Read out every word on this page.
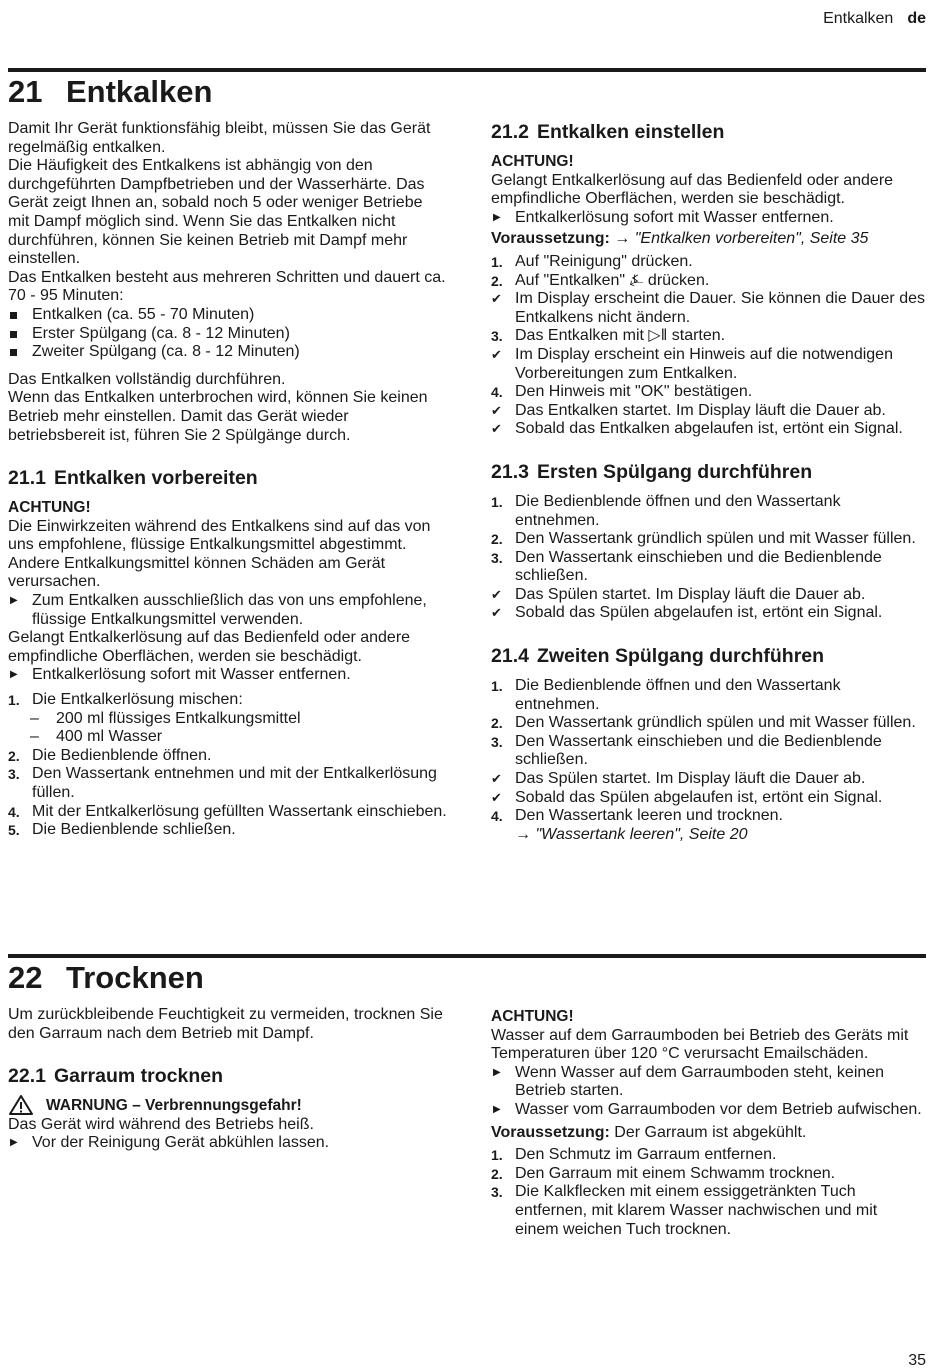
Entkalken de
21 Entkalken

Damit Ihr Gerät funktionsfähig bleibt, müssen Sie das Gerät regelmäßig entkalken.

Die Häufigkeit des Entkalkens ist abhängig von den durchgeführten Dampfbetrieben und der Wasserhärte. Das Gerät zeigt Ihnen an, sobald noch 5 oder weniger Betriebe mit Dampf möglich sind. Wenn Sie das Entkalken nicht durchführen, können Sie keinen Betrieb mit Dampf mehr einstellen.

Das Entkalken besteht aus mehreren Schritten und dauert ca. 70 - 95 Minuten:

Entkalken (ca. 55 - 70 Minuten)
Erster Spülgang (ca. 8 - 12 Minuten)
Zweiter Spülgang (ca. 8 - 12 Minuten)

Das Entkalken vollständig durchführen.

Wenn das Entkalken unterbrochen wird, können Sie keinen Betrieb mehr einstellen. Damit das Gerät wieder betriebsbereit ist, führen Sie 2 Spülgänge durch.

21.1 Entkalken vorbereiten

ACHTUNG!

Die Einwirkzeiten während des Entkalkens sind auf das von uns empfohlene, flüssige Entkalkungsmittel abgestimmt. Andere Entkalkungsmittel können Schäden am Gerät verursachen.

▶ Zum Entkalken ausschließlich das von uns empfohlene, flüssige Entkalkungsmittel verwenden.

Gelangt Entkalkerlösung auf das Bedienfeld oder andere empfindliche Oberflächen, werden sie beschädigt.

▶ Entkalkerlösung sofort mit Wasser entfernen.
1. Die Entkalkerlösung mischen:
– 200 ml flüssiges Entkalkungsmittel
– 400 ml Wasser
2. Die Bedienblende öffnen.
3. Den Wassertank entnehmen und mit der Entkalkerlösung füllen.
4. Mit der Entkalkerlösung gefüllten Wassertank einschieben.
5. Die Bedienblende schließen.
21.2 Entkalken einstellen

ACHTUNG!

Gelangt Entkalkerlösung auf das Bedienfeld oder andere empfindliche Oberflächen, werden sie beschädigt.

▶ Entkalkerlösung sofort mit Wasser entfernen.

Voraussetzung: → "Entkalken vorbereiten", Seite 35

1. Auf "Reinigung" drücken.
2. Auf "Entkalken" ⍼ drücken.
✔ Im Display erscheint die Dauer. Sie können die Dauer des Entkalkens nicht ändern.
3. Das Entkalken mit ▷‖ starten.
✔ Im Display erscheint ein Hinweis auf die notwendigen Vorbereitungen zum Entkalken.
4. Den Hinweis mit "OK" bestätigen.
✔ Das Entkalken startet. Im Display läuft die Dauer ab.
✔ Sobald das Entkalken abgelaufen ist, ertönt ein Signal.
21.3 Ersten Spülgang durchführen
1. Die Bedienblende öffnen und den Wassertank entnehmen.
2. Den Wassertank gründlich spülen und mit Wasser füllen.
3. Den Wassertank einschieben und die Bedienblende schließen.
✔ Das Spülen startet. Im Display läuft die Dauer ab.
✔ Sobald das Spülen abgelaufen ist, ertönt ein Signal.
21.4 Zweiten Spülgang durchführen
1. Die Bedienblende öffnen und den Wassertank entnehmen.
2. Den Wassertank gründlich spülen und mit Wasser füllen.
3. Den Wassertank einschieben und die Bedienblende schließen.
✔ Das Spülen startet. Im Display läuft die Dauer ab.
✔ Sobald das Spülen abgelaufen ist, ertönt ein Signal.
4. Den Wassertank leeren und trocknen.
→ "Wassertank leeren", Seite 20
22 Trocknen

Um zurückbleibende Feuchtigkeit zu vermeiden, trocknen Sie den Garraum nach dem Betrieb mit Dampf.

22.1 Garraum trocknen

WARNUNG – Verbrennungsgefahr!

Das Gerät wird während des Betriebs heiß.

▶ Vor der Reinigung Gerät abkühlen lassen.

ACHTUNG!

Wasser auf dem Garraumboden bei Betrieb des Geräts mit Temperaturen über 120 °C verursacht Emailschäden.

▶ Wenn Wasser auf dem Garraumboden steht, keinen Betrieb starten.
▶ Wasser vom Garraumboden vor dem Betrieb aufwischen.

Voraussetzung: Der Garraum ist abgekühlt.

1. Den Schmutz im Garraum entfernen.
2. Den Garraum mit einem Schwamm trocknen.
3. Die Kalkflecken mit einem essiggetränkten Tuch entfernen, mit klarem Wasser nachwischen und mit einem weichen Tuch trocknen.
35
